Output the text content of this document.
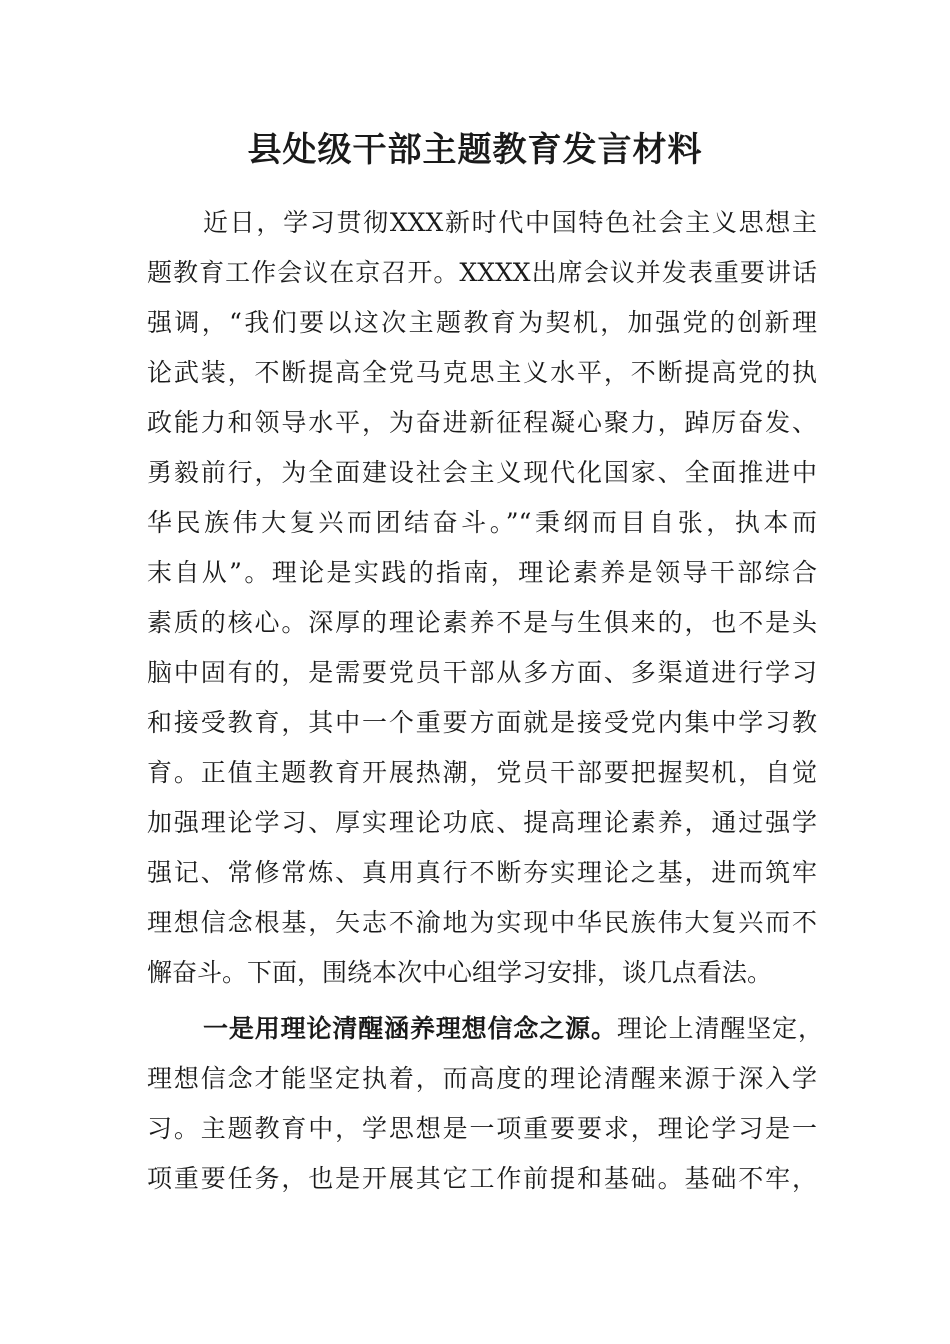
县处级干部主题教育发言材料

近日，学习贯彻XXX新时代中国特色社会主义思想主

题教育工作会议在京召开。XXXX出席会议并发表重要讲话

强调，“我们要以这次主题教育为契机，加强党的创新理

论武装，不断提高全党马克思主义水平，不断提高党的执

政能力和领导水平，为奋进新征程凝心聚力，踔厉奋发、

勇毅前行，为全面建设社会主义现代化国家、全面推进中

华民族伟大复兴而团结奋斗。”“秉纲而目自张，执本而

末自从”。理论是实践的指南，理论素养是领导干部综合

素质的核心。深厚的理论素养不是与生俱来的，也不是头

脑中固有的，是需要党员干部从多方面、多渠道进行学习

和接受教育，其中一个重要方面就是接受党内集中学习教

育。正值主题教育开展热潮，党员干部要把握契机，自觉

加强理论学习、厚实理论功底、提高理论素养，通过强学

强记、常修常炼、真用真行不断夯实理论之基，进而筑牢

理想信念根基，矢志不渝地为实现中华民族伟大复兴而不

懈奋斗。下面，围绕本次中心组学习安排，谈几点看法。

一是用理论清醒涵养理想信念之源。理论上清醒坚定，

理想信念才能坚定执着，而高度的理论清醒来源于深入学

习。主题教育中，学思想是一项重要要求，理论学习是一

项重要任务，也是开展其它工作前提和基础。基础不牢，
